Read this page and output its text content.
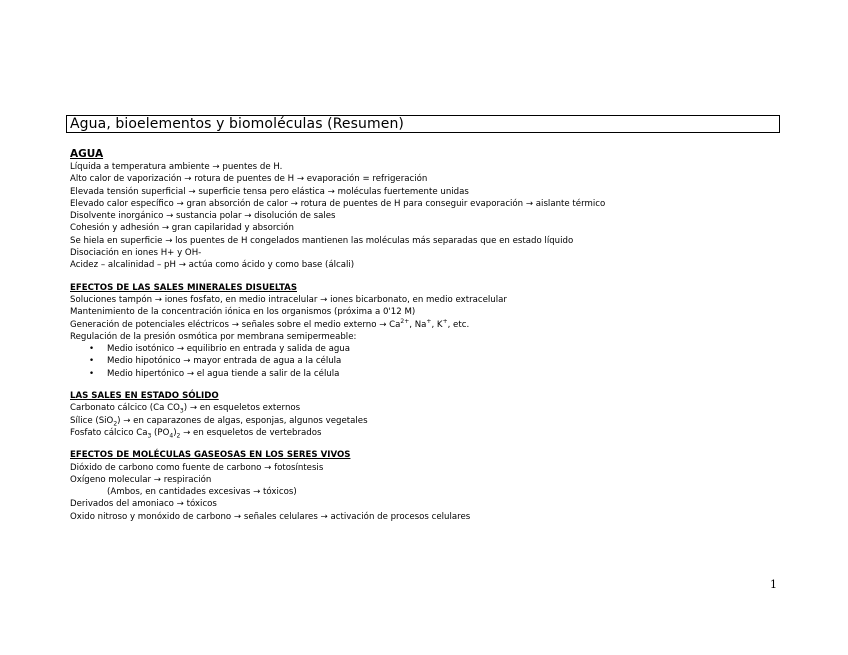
Agua, bioelementos y biomoléculas (Resumen)
AGUA
Líquida a temperatura ambiente → puentes de H.
Alto calor de vaporización → rotura de puentes de H → evaporación = refrigeración
Elevada tensión superficial → superficie tensa pero elástica → moléculas fuertemente unidas
Elevado calor específico → gran absorción de calor → rotura de puentes de H para conseguir evaporación → aislante térmico
Disolvente inorgánico → sustancia polar → disolución de sales
Cohesión y adhesión → gran capilaridad y absorción
Se hiela en superficie → los puentes de H congelados mantienen las moléculas más separadas que en estado líquido
Disociación en iones H+ y OH-
Acidez – alcalinidad – pH → actúa como ácido y como base (álcali)
EFECTOS DE LAS SALES MINERALES DISUELTAS
Soluciones tampón → iones fosfato, en medio intracelular → iones bicarbonato, en medio extracelular
Mantenimiento de la concentración iónica en los organismos (próxima a 0'12 M)
Generación de potenciales eléctricos → señales sobre el medio externo → $Ca^{2+}$, Na+, K+, etc.
Regulación de la presión osmótica por membrana semipermeable:
• Medio isotónico → equilibrio en entrada y salida de agua
• Medio hipotónico → mayor entrada de agua a la célula
• Medio hipertónico → el agua tiende a salir de la célula
LAS SALES EN ESTADO SÓLIDO
Carbonato cálcico (Ca $CO_3$) → en esqueletos externos
Sílice (SiO$_2$) → en caparazones de algas, esponjas, algunos vegetales
Fosfato cálcico $Ca_3$ $(PO_4)_2$ → en esqueletos de vertebrados
EFECTOS DE MOLÉCULAS GASEOSAS EN LOS SERES VIVOS
Dióxido de carbono como fuente de carbono → fotosíntesis
Oxígeno molecular → respiración
(Ambos, en cantidades excesivas → tóxicos)
Derivados del amoniaco → tóxicos
Oxido nitroso y monóxido de carbono → señales celulares → activación de procesos celulares
1
